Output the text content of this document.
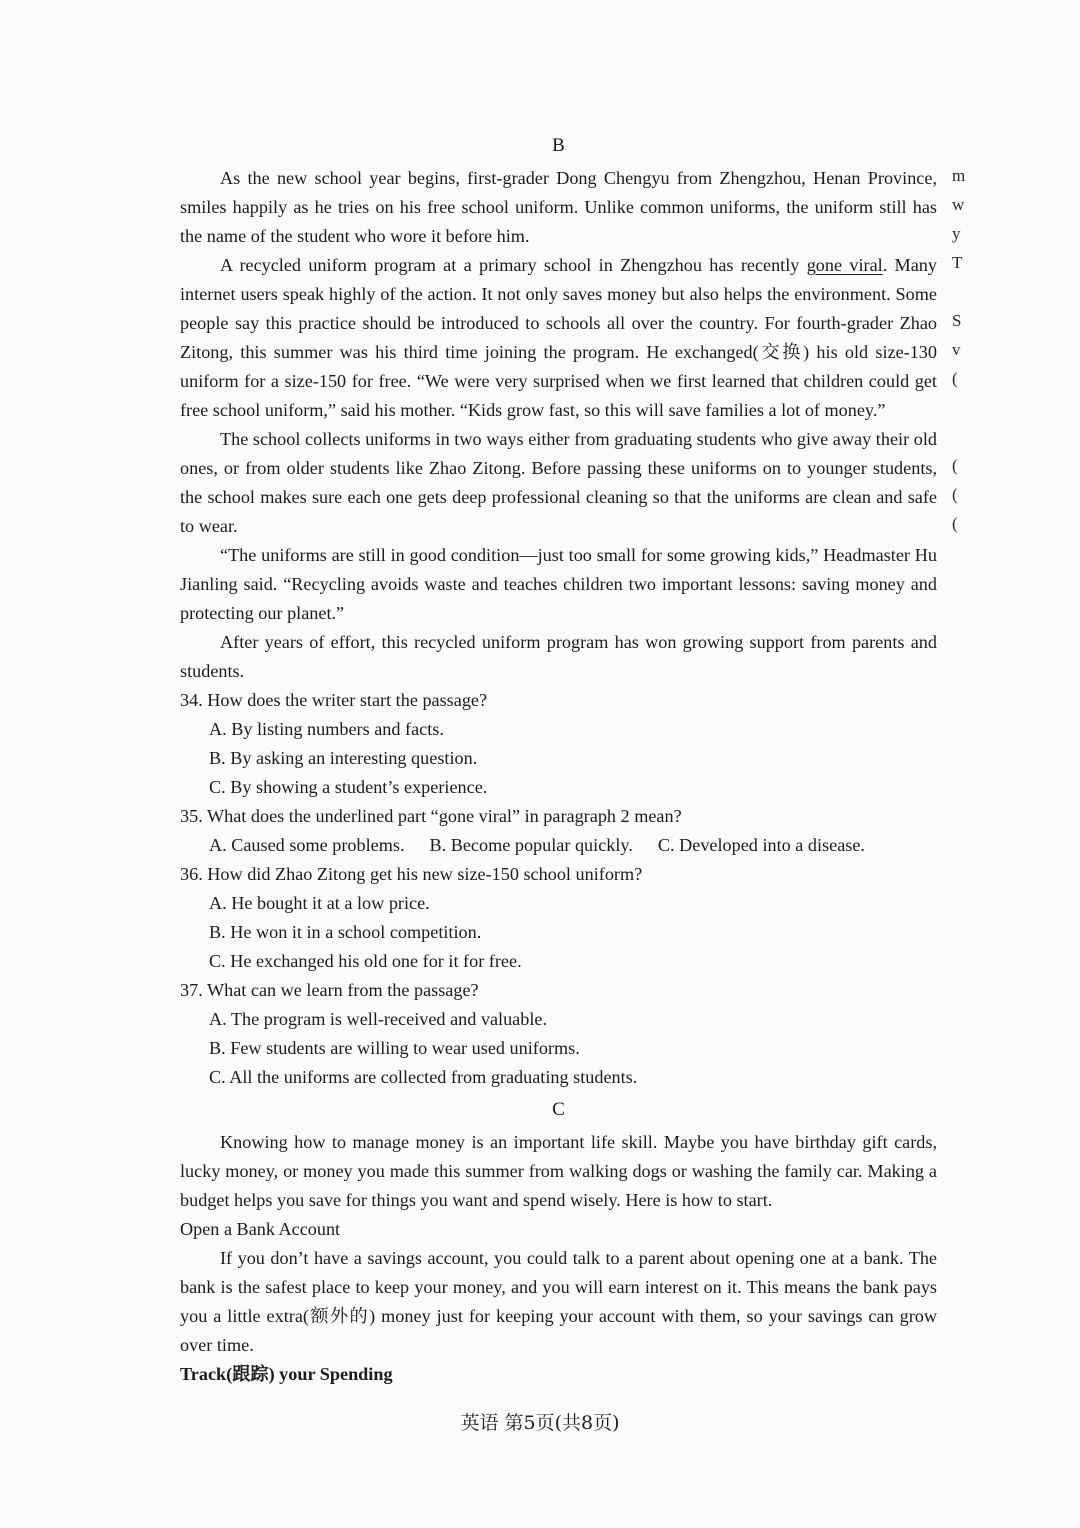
B

As the new school year begins, first-grader Dong Chengyu from Zhengzhou, Henan Province, smiles happily as he tries on his free school uniform. Unlike common uniforms, the uniform still has the name of the student who wore it before him.

A recycled uniform program at a primary school in Zhengzhou has recently gone viral. Many internet users speak highly of the action. It not only saves money but also helps the environment. Some people say this practice should be introduced to schools all over the country. For fourth-grader Zhao Zitong, this summer was his third time joining the program. He exchanged(交换) his old size-130 uniform for a size-150 for free. “We were very surprised when we first learned that children could get free school uniform,” said his mother. “Kids grow fast, so this will save families a lot of money.”

The school collects uniforms in two ways either from graduating students who give away their old ones, or from older students like Zhao Zitong. Before passing these uniforms on to younger students, the school makes sure each one gets deep professional cleaning so that the uniforms are clean and safe to wear.

“The uniforms are still in good condition—just too small for some growing kids,” Headmaster Hu Jianling said. “Recycling avoids waste and teaches children two important lessons: saving money and protecting our planet.”

After years of effort, this recycled uniform program has won growing support from parents and students.

34. How does the writer start the passage?

A. By listing numbers and facts.

B. By asking an interesting question.

C. By showing a student’s experience.

35. What does the underlined part “gone viral” in paragraph 2 mean?

A. Caused some problems. B. Become popular quickly. C. Developed into a disease.

36. How did Zhao Zitong get his new size-150 school uniform?

A. He bought it at a low price.

B. He won it in a school competition.

C. He exchanged his old one for it for free.

37. What can we learn from the passage?

A. The program is well-received and valuable.

B. Few students are willing to wear used uniforms.

C. All the uniforms are collected from graduating students.

C

Knowing how to manage money is an important life skill. Maybe you have birthday gift cards, lucky money, or money you made this summer from walking dogs or washing the family car. Making a budget helps you save for things you want and spend wisely. Here is how to start.

Open a Bank Account

If you don’t have a savings account, you could talk to a parent about opening one at a bank. The bank is the safest place to keep your money, and you will earn interest on it. This means the bank pays you a little extra(额外的) money just for keeping your account with them, so your savings can grow over time.

Track(跟踪) your Spending

英语 第5页(共8页)
m
w
y
T
S
v
(
(
(
(
